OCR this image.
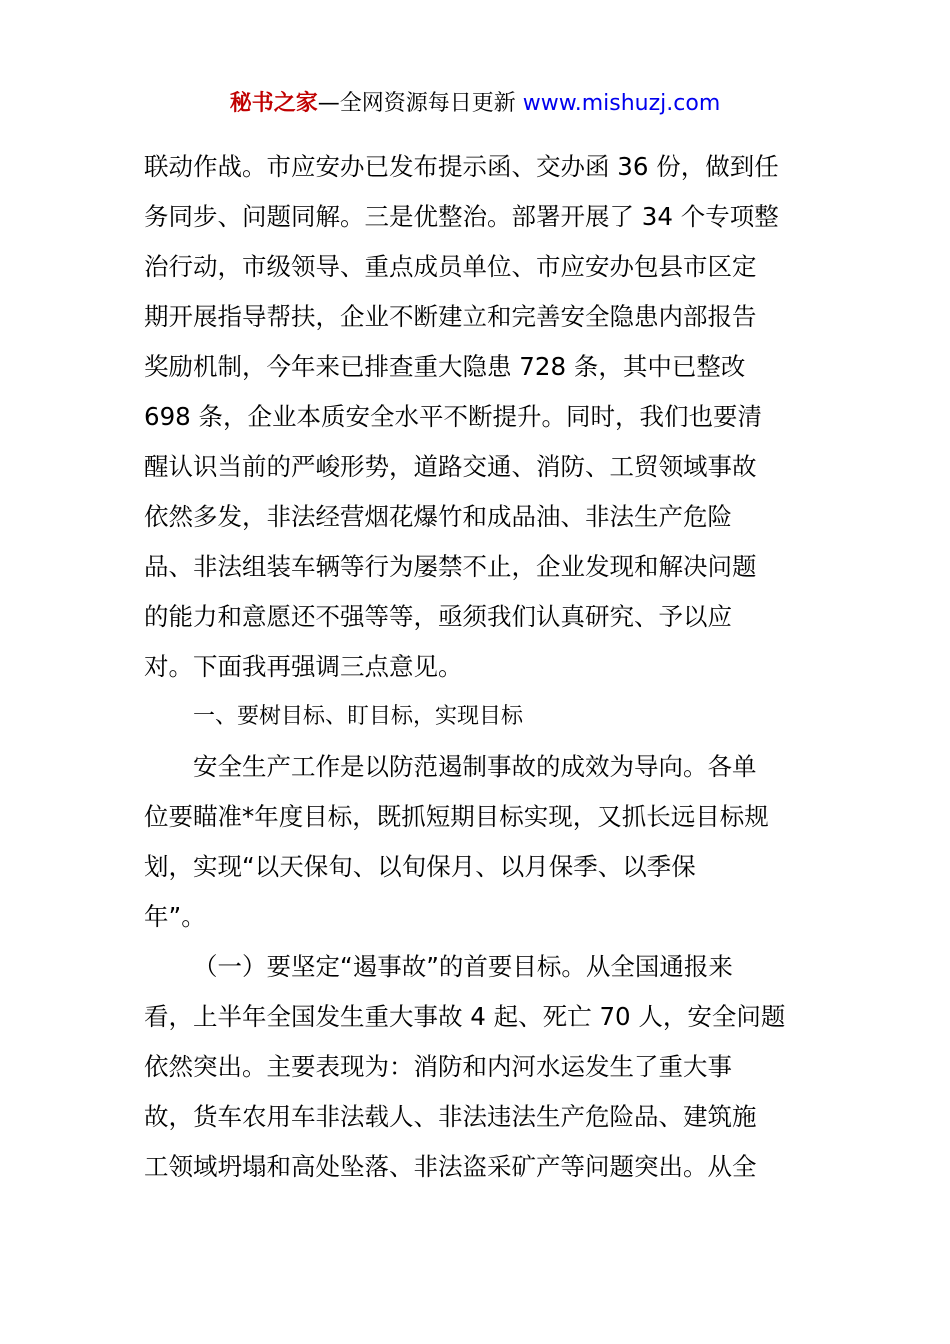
秘书之家—全网资源每日更新 www.mishuzj.com
联动作战。市应安办已发布提示函、交办函 36 份，做到任
务同步、问题同解。三是优整治。部署开展了 34 个专项整
治行动，市级领导、重点成员单位、市应安办包县市区定
期开展指导帮扶，企业不断建立和完善安全隐患内部报告
奖励机制，今年来已排查重大隐患 728 条，其中已整改
698 条，企业本质安全水平不断提升。同时，我们也要清
醒认识当前的严峻形势，道路交通、消防、工贸领域事故
依然多发，非法经营烟花爆竹和成品油、非法生产危险
品、非法组装车辆等行为屡禁不止，企业发现和解决问题
的能力和意愿还不强等等，亟须我们认真研究、予以应
对。下面我再强调三点意见。
一、要树目标、盯目标，实现目标
安全生产工作是以防范遏制事故的成效为导向。各单
位要瞄准*年度目标，既抓短期目标实现，又抓长远目标规
划，实现“以天保旬、以旬保月、以月保季、以季保
年”。
（一）要坚定“遏事故”的首要目标。从全国通报来
看，上半年全国发生重大事故 4 起、死亡 70 人，安全问题
依然突出。主要表现为：消防和内河水运发生了重大事
故，货车农用车非法载人、非法违法生产危险品、建筑施
工领域坍塌和高处坠落、非法盗采矿产等问题突出。从全
